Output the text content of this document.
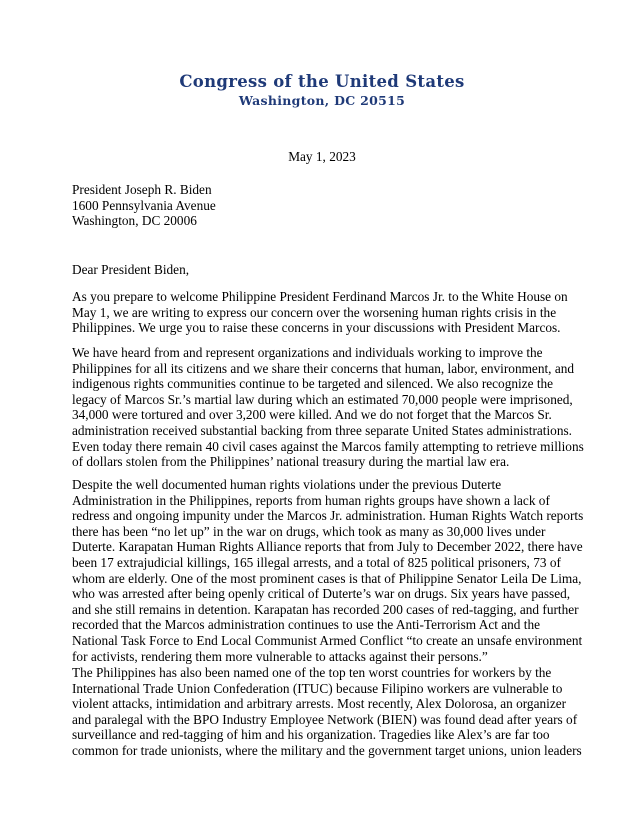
Congress of the United States
Washington, DC 20515
May 1, 2023
President Joseph R. Biden
1600 Pennsylvania Avenue
Washington, DC 20006
Dear President Biden,

As you prepare to welcome Philippine President Ferdinand Marcos Jr. to the White House on May 1, we are writing to express our concern over the worsening human rights crisis in the Philippines. We urge you to raise these concerns in your discussions with President Marcos.

We have heard from and represent organizations and individuals working to improve the Philippines for all its citizens and we share their concerns that human, labor, environment, and indigenous rights communities continue to be targeted and silenced. We also recognize the legacy of Marcos Sr.’s martial law during which an estimated 70,000 people were imprisoned, 34,000 were tortured and over 3,200 were killed. And we do not forget that the Marcos Sr. administration received substantial backing from three separate United States administrations. Even today there remain 40 civil cases against the Marcos family attempting to retrieve millions of dollars stolen from the Philippines’ national treasury during the martial law era.

Despite the well documented human rights violations under the previous Duterte Administration in the Philippines, reports from human rights groups have shown a lack of redress and ongoing impunity under the Marcos Jr. administration. Human Rights Watch reports there has been “no let up” in the war on drugs, which took as many as 30,000 lives under Duterte. Karapatan Human Rights Alliance reports that from July to December 2022, there have been 17 extrajudicial killings, 165 illegal arrests, and a total of 825 political prisoners, 73 of whom are elderly. One of the most prominent cases is that of Philippine Senator Leila De Lima, who was arrested after being openly critical of Duterte’s war on drugs. Six years have passed, and she still remains in detention. Karapatan has recorded 200 cases of red-tagging, and further recorded that the Marcos administration continues to use the Anti-Terrorism Act and the National Task Force to End Local Communist Armed Conflict “to create an unsafe environment for activists, rendering them more vulnerable to attacks against their persons.”

The Philippines has also been named one of the top ten worst countries for workers by the International Trade Union Confederation (ITUC) because Filipino workers are vulnerable to violent attacks, intimidation and arbitrary arrests. Most recently, Alex Dolorosa, an organizer and paralegal with the BPO Industry Employee Network (BIEN) was found dead after years of surveillance and red-tagging of him and his organization. Tragedies like Alex’s are far too common for trade unionists, where the military and the government target unions, union leaders
